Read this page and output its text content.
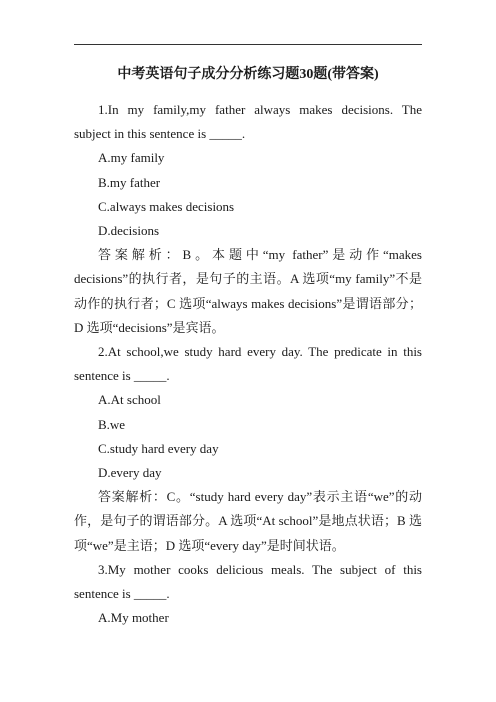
中考英语句子成分分析练习题30题(带答案)

1.In my family,my father always makes decisions. The subject in this sentence is _____.

A.my family

B.my father

C.always makes decisions

D.decisions

答案解析：B。本题中“my father”是动作“makes decisions”的执行者，是句子的主语。A 选项“my family”不是动作的执行者；C 选项“always makes decisions”是谓语部分；D 选项“decisions”是宾语。

2.At school,we study hard every day. The predicate in this sentence is _____.

A.At school

B.we

C.study hard every day

D.every day

答案解析：C。“study hard every day”表示主语“we”的动作，是句子的谓语部分。A 选项“At school”是地点状语；B 选项“we”是主语；D 选项“every day”是时间状语。

3.My mother cooks delicious meals. The subject of this sentence is _____.

A.My mother
